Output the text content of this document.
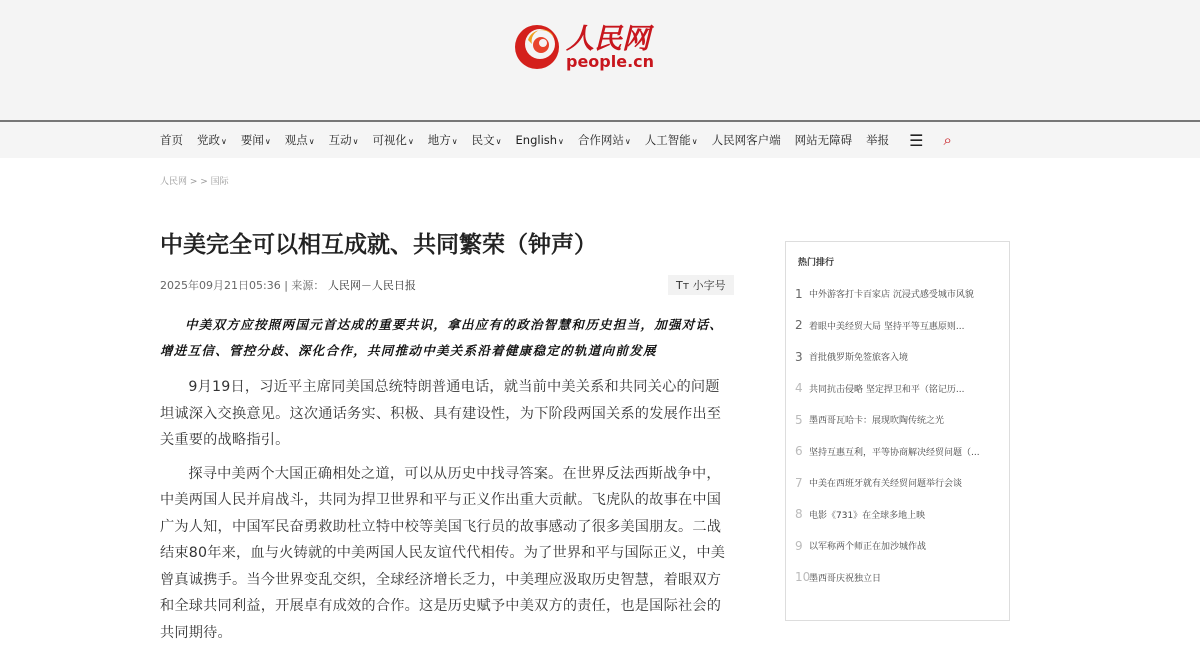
人民网
people.cn
首页 党政∨ 要闻∨ 观点∨ 互动∨ 可视化∨ 地方∨ 民文∨ English∨ 合作网站∨ 人工智能∨ 人民网客户端 网站无障碍 举报 ☰ ⌕
人民网 > > 国际
中美完全可以相互成就、共同繁荣（钟声）
2025年09月21日05:36 | 来源： 人民网－人民日报	Tт 小字号
中美双方应按照两国元首达成的重要共识，拿出应有的政治智慧和历史担当，加强对话、增进互信、管控分歧、深化合作，共同推动中美关系沿着健康稳定的轨道向前发展

9月19日，习近平主席同美国总统特朗普通电话，就当前中美关系和共同关心的问题坦诚深入交换意见。这次通话务实、积极、具有建设性，为下阶段两国关系的发展作出至关重要的战略指引。

探寻中美两个大国正确相处之道，可以从历史中找寻答案。在世界反法西斯战争中，中美两国人民并肩战斗，共同为捍卫世界和平与正义作出重大贡献。飞虎队的故事在中国广为人知，中国军民奋勇救助杜立特中校等美国飞行员的故事感动了很多美国朋友。二战结束80年来，血与火铸就的中美两国人民友谊代代相传。为了世界和平与国际正义，中美曾真诚携手。当今世界变乱交织，全球经济增长乏力，中美理应汲取历史智慧，着眼双方和全球共同利益，开展卓有成效的合作。这是历史赋予中美双方的责任，也是国际社会的共同期待。

热门排行
1 中外游客打卡百家店 沉浸式感受城市风貌
2 着眼中美经贸大局 坚持平等互惠原则...
3 首批俄罗斯免签旅客入境
4 共同抗击侵略 坚定捍卫和平（铭记历...
5 墨西哥瓦哈卡：展现吹陶传统之光
6 坚持互惠互利，平等协商解决经贸问题（...
7 中美在西班牙就有关经贸问题举行会谈
8 电影《731》在全球多地上映
9 以军称两个师正在加沙城作战
10
墨西哥庆祝独立日
